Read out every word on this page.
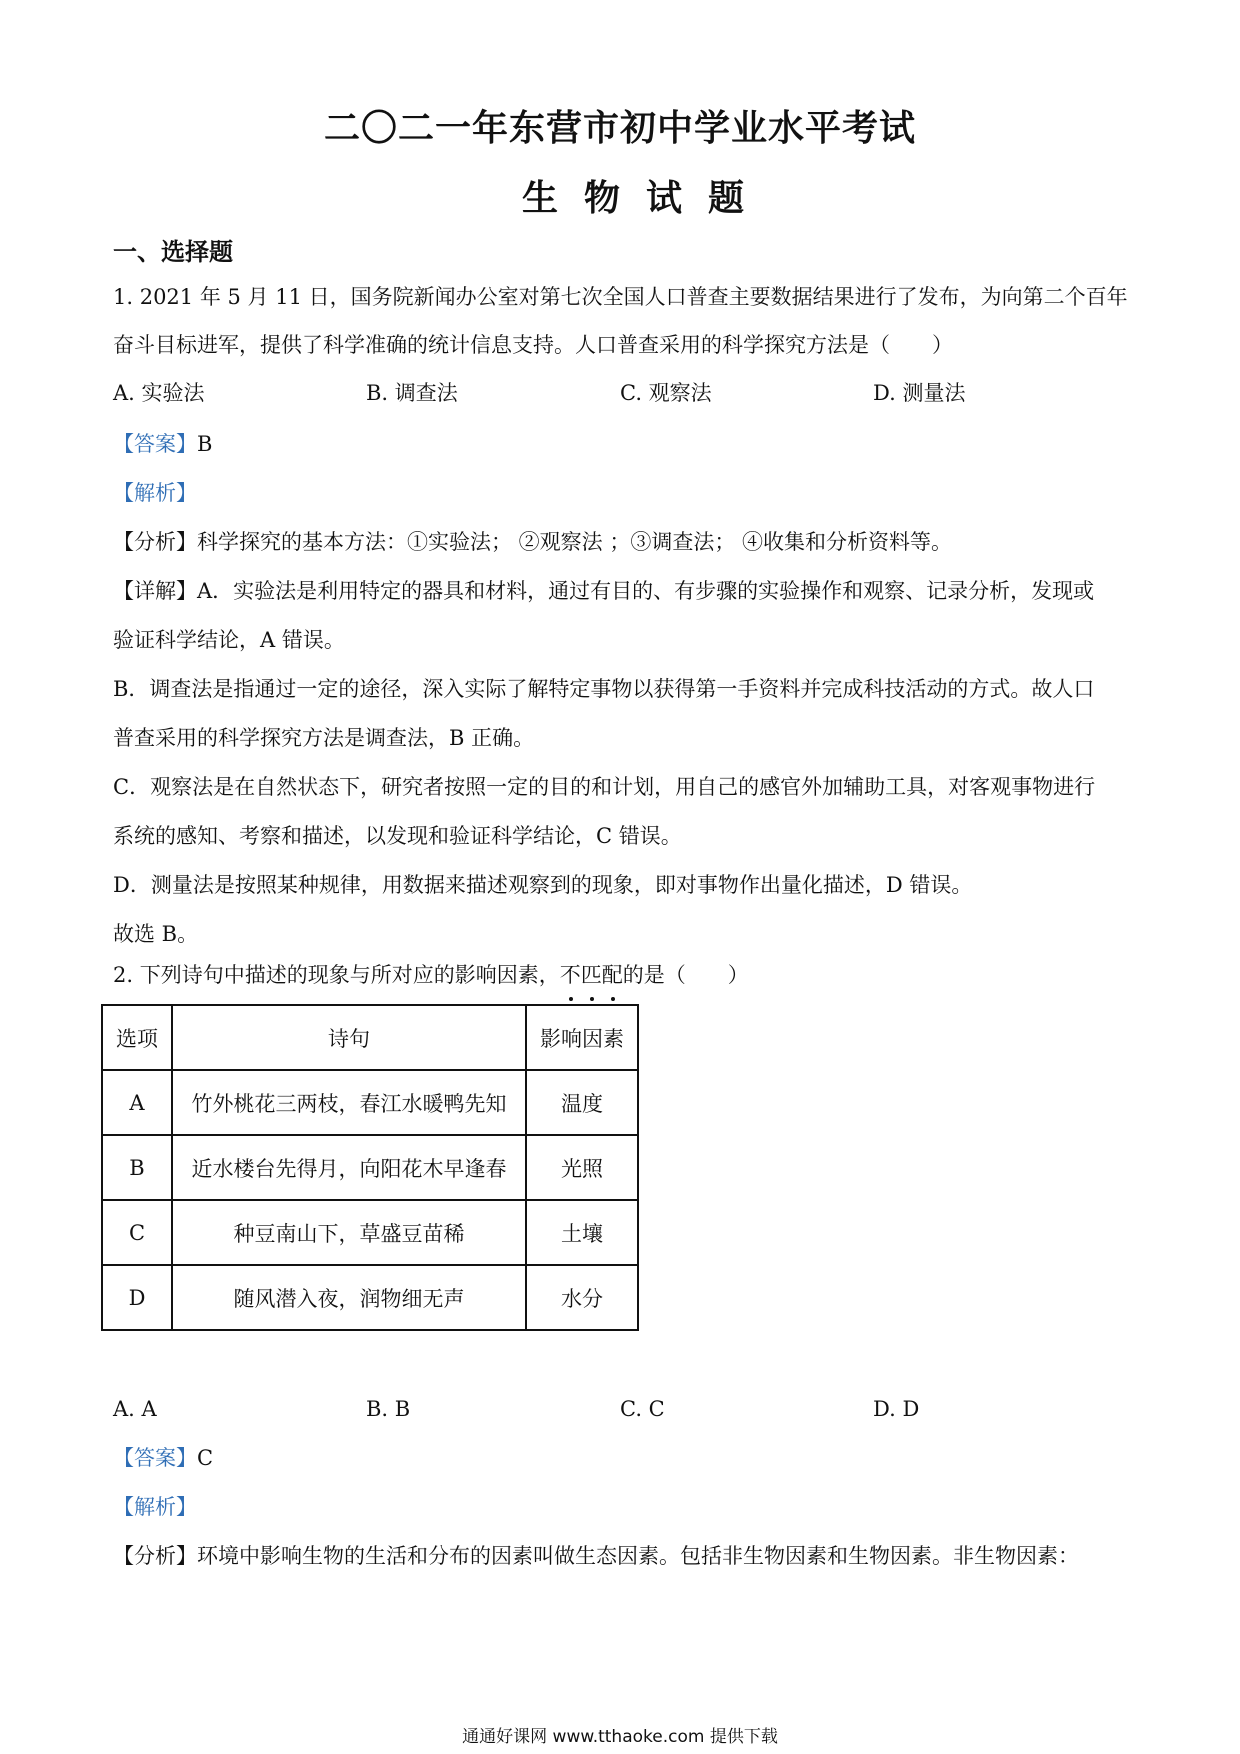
二〇二一年东营市初中学业水平考试
生物试题
一、选择题
1. 2021 年 5 月 11 日，国务院新闻办公室对第七次全国人口普查主要数据结果进行了发布，为向第二个百年
奋斗目标进军，提供了科学准确的统计信息支持。人口普查采用的科学探究方法是（　　）
A. 实验法	B. 调查法	C. 观察法	D. 测量法
【答案】B
【解析】
【分析】科学探究的基本方法：①实验法； ②观察法 ；③调查法； ④收集和分析资料等。
【详解】A．实验法是利用特定的器具和材料，通过有目的、有步骤的实验操作和观察、记录分析，发现或
验证科学结论，A 错误。
B．调查法是指通过一定的途径，深入实际了解特定事物以获得第一手资料并完成科技活动的方式。故人口
普查采用的科学探究方法是调查法，B 正确。
C．观察法是在自然状态下，研究者按照一定的目的和计划，用自己的感官外加辅助工具，对客观事物进行
系统的感知、考察和描述，以发现和验证科学结论，C 错误。
D．测量法是按照某种规律，用数据来描述观察到的现象，即对事物作出量化描述，D 错误。
故选 B。
2. 下列诗句中描述的现象与所对应的影响因素，不匹配
的是（　　）
选项	诗句	影响因素
A	竹外桃花三两枝，春江水暖鸭先知	温度
B	近水楼台先得月，向阳花木早逢春	光照
C	种豆南山下，草盛豆苗稀	土壤
D	随风潜入夜，润物细无声	水分
A. A	B. B	C. C	D. D
【答案】C
【解析】
【分析】环境中影响生物的生活和分布的因素叫做生态因素。包括非生物因素和生物因素。非生物因素：
通通好课网 www.tthaoke.com 提供下载
